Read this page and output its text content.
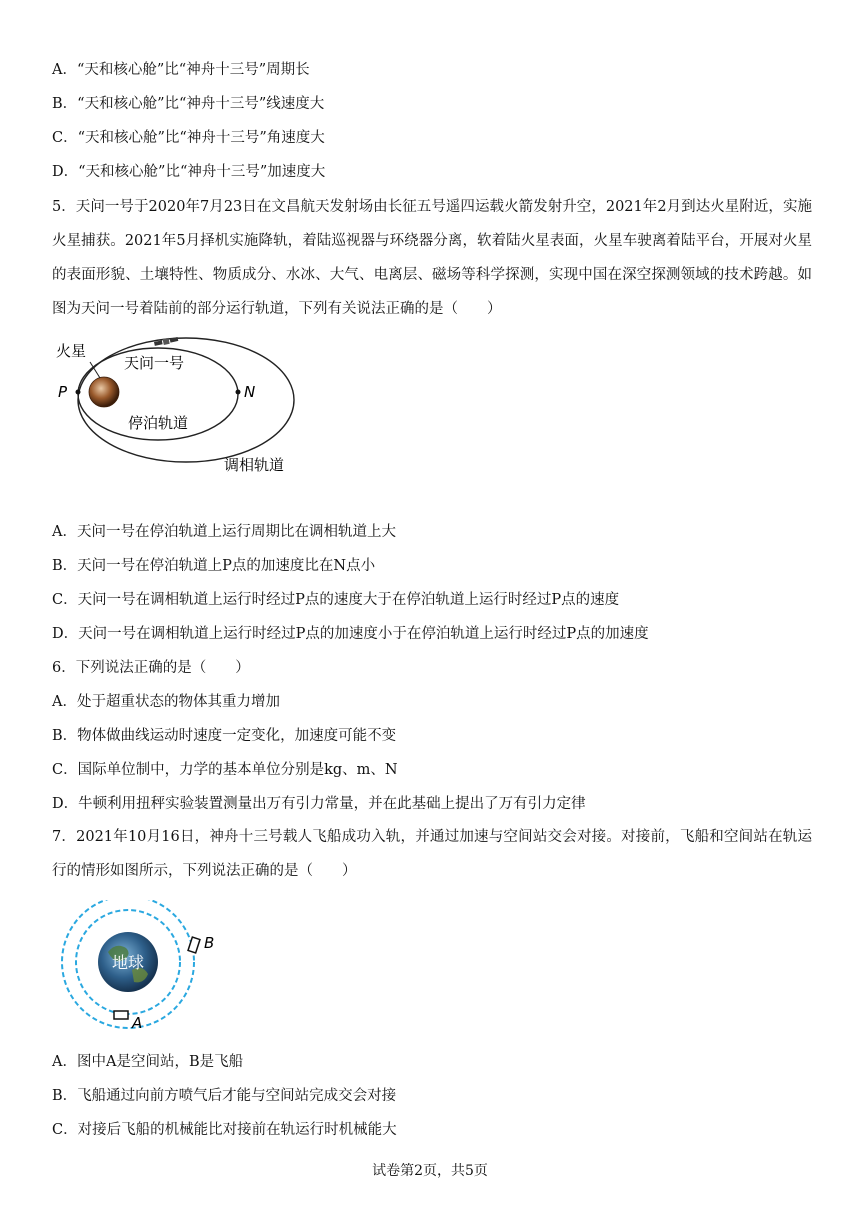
A．“天和核心舱”比“神舟十三号”周期长
B．“天和核心舱”比“神舟十三号”线速度大
C．“天和核心舱”比“神舟十三号”角速度大
D．“天和核心舱”比“神舟十三号”加速度大
5．天问一号于2020年7月23日在文昌航天发射场由长征五号遥四运载火箭发射升空，2021年2月到达火星附近，实施火星捕获。2021年5月择机实施降轨，着陆巡视器与环绕器分离，软着陆火星表面，火星车驶离着陆平台，开展对火星的表面形貌、土壤特性、物质成分、水冰、大气、电离层、磁场等科学探测，实现中国在深空探测领域的技术跨越。如图为天问一号着陆前的部分运行轨道，下列有关说法正确的是（　　）
火星
天问一号
P	N
停泊轨道
调相轨道
A．天问一号在停泊轨道上运行周期比在调相轨道上大
B．天问一号在停泊轨道上P点的加速度比在N点小
C．天问一号在调相轨道上运行时经过P点的速度大于在停泊轨道上运行时经过P点的速度
D．天问一号在调相轨道上运行时经过P点的加速度小于在停泊轨道上运行时经过P点的加速度
6．下列说法正确的是（　　）
A．处于超重状态的物体其重力增加
B．物体做曲线运动时速度一定变化，加速度可能不变
C．国际单位制中，力学的基本单位分别是kg、m、N
D．牛顿利用扭秤实验装置测量出万有引力常量，并在此基础上提出了万有引力定律
7．2021年10月16日，神舟十三号载人飞船成功入轨，并通过加速与空间站交会对接。对接前，飞船和空间站在轨运行的情形如图所示，下列说法正确的是（　　）
地球
B
A
A．图中A是空间站，B是飞船
B．飞船通过向前方喷气后才能与空间站完成交会对接
C．对接后飞船的机械能比对接前在轨运行时机械能大
试卷第2页，共5页
